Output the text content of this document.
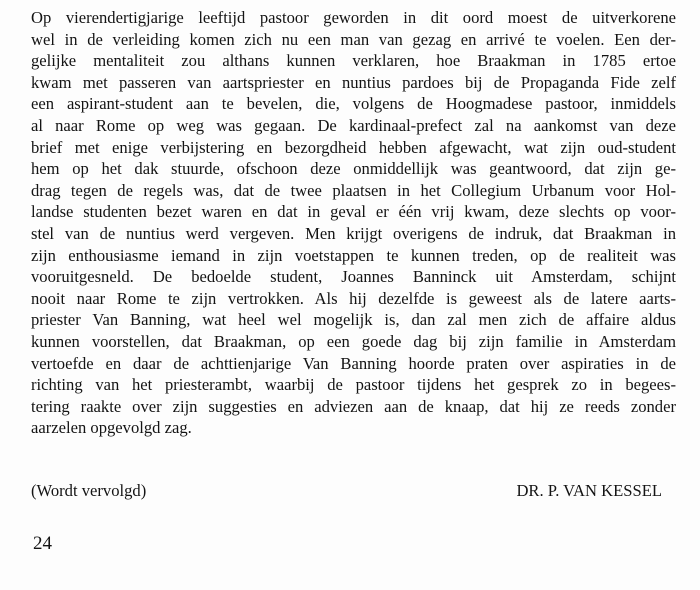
Op vierendertigjarige leeftijd pastoor geworden in dit oord moest de uitverkorene
wel in de verleiding komen zich nu een man van gezag en arrivé te voelen. Een der-
gelijke mentaliteit zou althans kunnen verklaren, hoe Braakman in 1785 ertoe
kwam met passeren van aartspriester en nuntius pardoes bij de Propaganda Fide zelf
een aspirant-student aan te bevelen, die, volgens de Hoogmadese pastoor, inmiddels
al naar Rome op weg was gegaan. De kardinaal-prefect zal na aankomst van deze
brief met enige verbijstering en bezorgdheid hebben afgewacht, wat zijn oud-student
hem op het dak stuurde, ofschoon deze onmiddellijk was geantwoord, dat zijn ge-
drag tegen de regels was, dat de twee plaatsen in het Collegium Urbanum voor Hol-
landse studenten bezet waren en dat in geval er één vrij kwam, deze slechts op voor-
stel van de nuntius werd vergeven. Men krijgt overigens de indruk, dat Braakman in
zijn enthousiasme iemand in zijn voetstappen te kunnen treden, op de realiteit was
vooruitgesneld. De bedoelde student, Joannes Banninck uit Amsterdam, schijnt
nooit naar Rome te zijn vertrokken. Als hij dezelfde is geweest als de latere aarts-
priester Van Banning, wat heel wel mogelijk is, dan zal men zich de affaire aldus
kunnen voorstellen, dat Braakman, op een goede dag bij zijn familie in Amsterdam
vertoefde en daar de achttienjarige Van Banning hoorde praten over aspiraties in de
richting van het priesterambt, waarbij de pastoor tijdens het gesprek zo in begees-
tering raakte over zijn suggesties en adviezen aan de knaap, dat hij ze reeds zonder
aarzelen opgevolgd zag.
(Wordt vervolgd)	DR. P. VAN KESSEL
24
